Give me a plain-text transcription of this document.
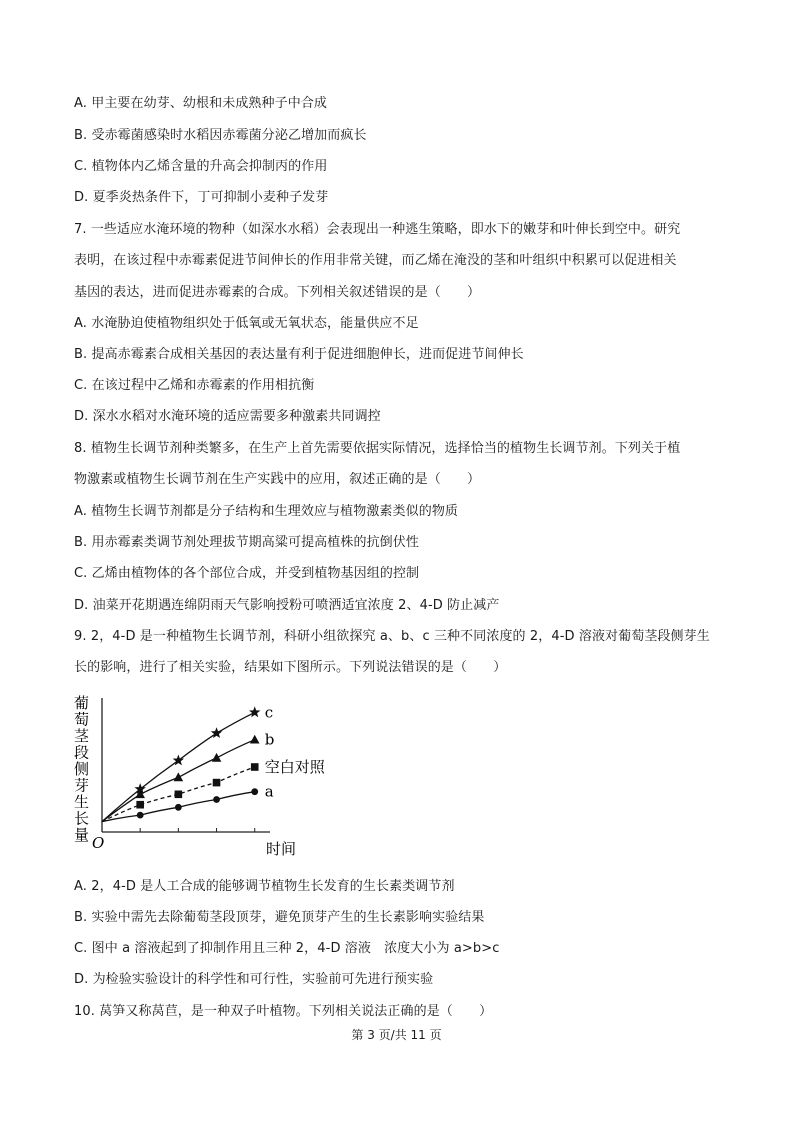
A. 甲主要在幼芽、幼根和未成熟种子中合成
B. 受赤霉菌感染时水稻因赤霉菌分泌乙增加而疯长
C. 植物体内乙烯含量的升高会抑制丙的作用
D. 夏季炎热条件下，丁可抑制小麦种子发芽
7. 一些适应水淹环境的物种（如深水水稻）会表现出一种逃生策略，即水下的嫩芽和叶伸长到空中。研究
表明，在该过程中赤霉素促进节间伸长的作用非常关键，而乙烯在淹没的茎和叶组织中积累可以促进相关
基因的表达，进而促进赤霉素的合成。下列相关叙述错误的是（　　）
A. 水淹胁迫使植物组织处于低氧或无氧状态，能量供应不足
B. 提高赤霉素合成相关基因的表达量有利于促进细胞伸长，进而促进节间伸长
C. 在该过程中乙烯和赤霉素的作用相抗衡
D. 深水水稻对水淹环境的适应需要多种激素共同调控
8. 植物生长调节剂种类繁多，在生产上首先需要依据实际情况，选择恰当的植物生长调节剂。下列关于植
物激素或植物生长调节剂在生产实践中的应用，叙述正确的是（　　）
A. 植物生长调节剂都是分子结构和生理效应与植物激素类似的物质
B. 用赤霉素类调节剂处理拔节期高粱可提高植株的抗倒伏性
C. 乙烯由植物体的各个部位合成，并受到植物基因组的控制
D. 油菜开花期遇连绵阴雨天气影响授粉可喷洒适宜浓度 2、4-D 防止减产
9. 2，4-D 是一种植物生长调节剂，科研小组欲探究 a、b、c 三种不同浓度的 2，4-D 溶液对葡萄茎段侧芽生
长的影响，进行了相关实验，结果如下图所示。下列说法错误的是（　　）
葡
萄
茎
段
侧
芽
生
长
量 O	时间
c
b
空白对照
a
A. 2，4-D 是人工合成的能够调节植物生长发育的生长素类调节剂
B. 实验中需先去除葡萄茎段顶芽，避免顶芽产生的生长素影响实验结果
C. 图中 a 溶液起到了抑制作用且三种 2，4-D 溶液　浓度大小为 a>b>c
D. 为检验实验设计的科学性和可行性，实验前可先进行预实验
10. 莴笋又称莴苣，是一种双子叶植物。下列相关说法正确的是（　　）
第 3 页/共 11 页
